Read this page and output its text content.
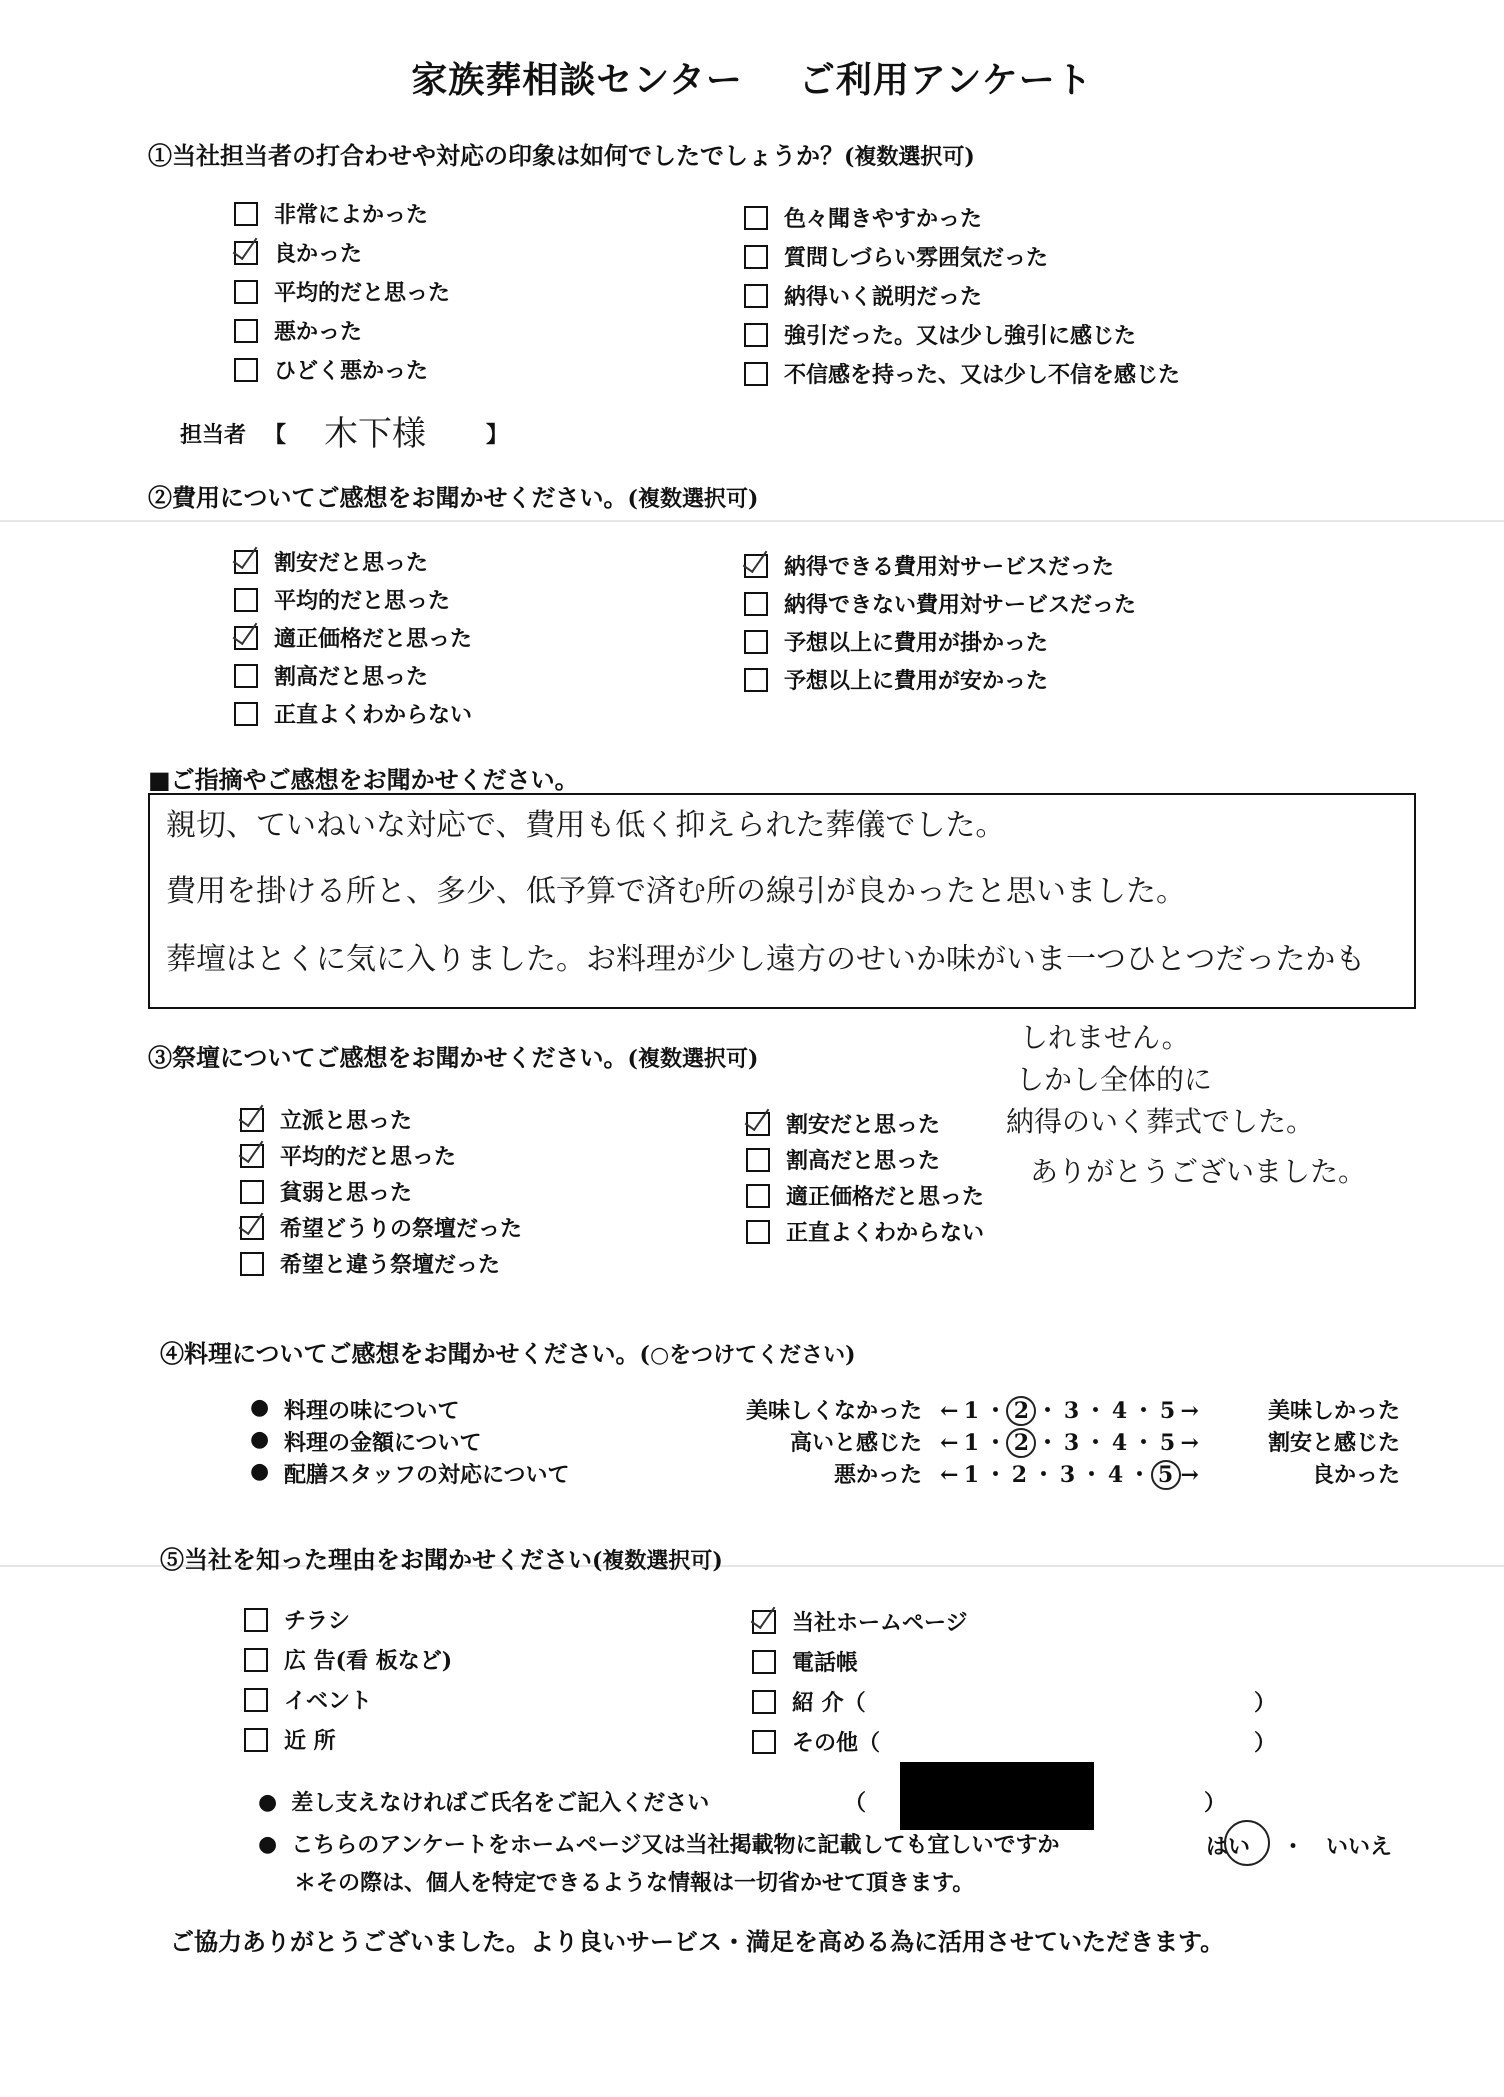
家族葬相談センター ご利用アンケート
①当社担当者の打合わせや対応の印象は如何でしたでしょうか？(複数選択可)
非常によかった
良かった
平均的だと思った
悪かった
ひどく悪かった
色々聞きやすかった
質問しづらい雰囲気だった
納得いく説明だった
強引だった。又は少し強引に感じた
不信感を持った、又は少し不信を感じた
担当者 【 木下様	】
②費用についてご感想をお聞かせください。(複数選択可)
割安だと思った
平均的だと思った
適正価格だと思った
割高だと思った
正直よくわからない
納得できる費用対サービスだった
納得できない費用対サービスだった
予想以上に費用が掛かった
予想以上に費用が安かった
■ご指摘やご感想をお聞かせください。
親切、ていねいな対応で、費用も低く抑えられた葬儀でした。
費用を掛ける所と、多少、低予算で済む所の線引が良かったと思いました。
葬壇はとくに気に入りました。お料理が少し遠方のせいか味がいま一つひとつだったかも
しれません。
しかし全体的に
納得のいく葬式でした。
ありがとうございました。
③祭壇についてご感想をお聞かせください。(複数選択可)
立派と思った
平均的だと思った
貧弱と思った
希望どうりの祭壇だった
希望と違う祭壇だった
割安だと思った
割高だと思った
適正価格だと思った
正直よくわからない
④料理についてご感想をお聞かせください。(○をつけてください)
● 料理の味について	美味しくなかった ← 1 ・ 2 ・ 3 ・ 4 ・ 5 →	美味しかった
● 料理の金額について	高いと感じた ← 1 ・ 2 ・ 3 ・ 4 ・ 5 →	割安と感じた
● 配膳スタッフの対応について	悪かった ← 1 ・ 2 ・ 3 ・ 4 ・ 5 →	良かった
⑤当社を知った理由をお聞かせください(複数選択可)
チラシ
広 告(看 板など)
イベント
近 所
当社ホームページ
電話帳
紹 介（
その他（
）
）
● 差し支えなければご氏名をご記入ください	（	）
● こちらのアンケートをホームページ又は当社掲載物に記載しても宜しいですか	はい ・ いいえ
＊その際は、個人を特定できるような情報は一切省かせて頂きます。
ご協力ありがとうございました。より良いサービス・満足を高める為に活用させていただきます。
